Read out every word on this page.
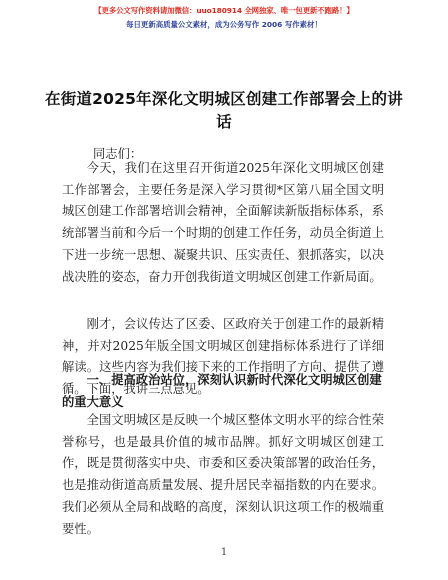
【更多公文写作资料请加微信：uuo180914 全网独家、唯一包更新不跑路！】
每日更新高质量公文素材，成为公务写作 2006 写作素材！
在街道2025年深化文明城区创建工作部署会上的讲话
同志们：

今天，我们在这里召开街道2025年深化文明城区创建工作部署会，主要任务是深入学习贯彻*区第八届全国文明城区创建工作部署培训会精神，全面解读新版指标体系，系统部署当前和今后一个时期的创建工作任务，动员全街道上下进一步统一思想、凝聚共识、压实责任、狠抓落实，以决战决胜的姿态，奋力开创我街道文明城区创建工作新局面。

刚才，会议传达了区委、区政府关于创建工作的最新精神，并对2025年版全国文明城区创建指标体系进行了详细解读。这些内容为我们接下来的工作指明了方向、提供了遵循。下面，我讲三点意见。

一、提高政治站位，深刻认识新时代深化文明城区创建的重大意义

全国文明城区是反映一个城区整体文明水平的综合性荣誉称号，也是最具价值的城市品牌。抓好文明城区创建工作，既是贯彻落实中央、市委和区委决策部署的政治任务，也是推动街道高质量发展、提升居民幸福指数的内在要求。我们必须从全局和战略的高度，深刻认识这项工作的极端重要性。

1
